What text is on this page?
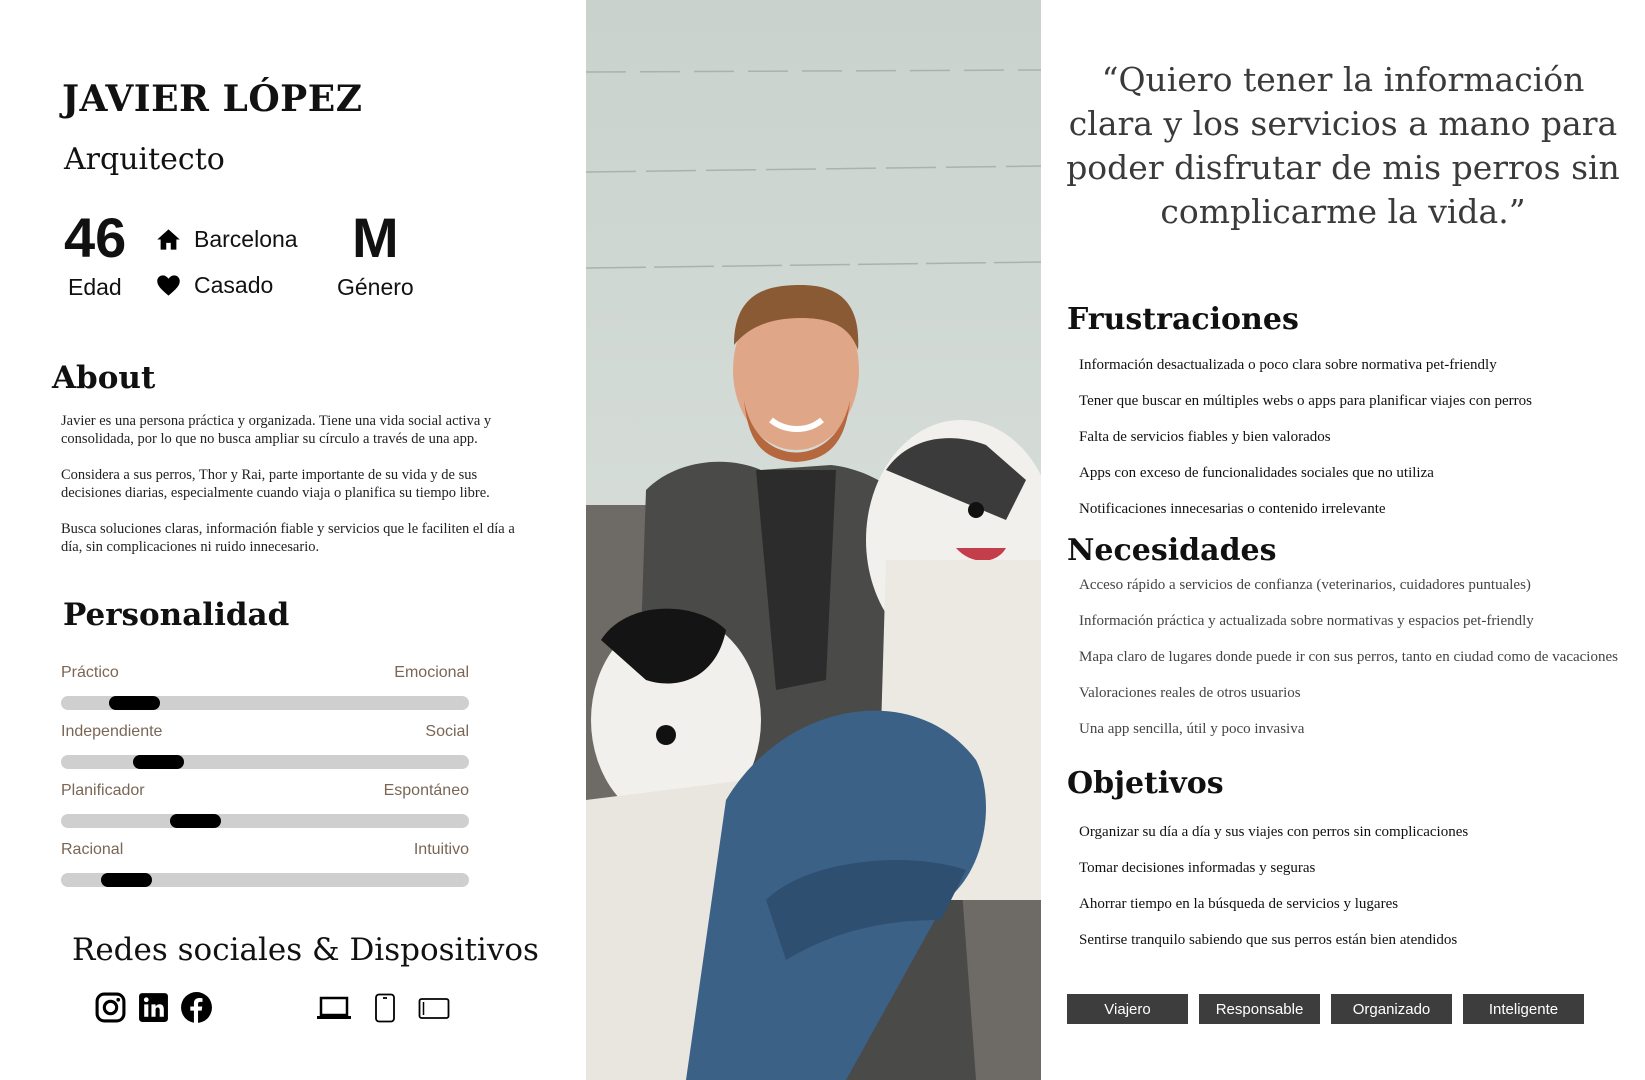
JAVIER LÓPEZ
Arquitecto
46
Edad
Barcelona
Casado
M
Género
About

Javier es una persona práctica y organizada. Tiene una vida social activa y consolidada, por lo que no busca ampliar su círculo a través de una app.

Considera a sus perros, Thor y Rai, parte importante de su vida y de sus decisiones diarias, especialmente cuando viaja o planifica su tiempo libre.

Busca soluciones claras, información fiable y servicios que le faciliten el día a día, sin complicaciones ni ruido innecesario.

Personalidad
Práctico	Emocional
Independiente	Social
Planificador	Espontáneo
Racional	Intuitivo
Redes sociales & Dispositivos
“Quiero tener la información clara y los servicios a mano para poder disfrutar de mis perros sin complicarme la vida.”
Frustraciones
Información desactualizada o poco clara sobre normativa pet-friendly
Tener que buscar en múltiples webs o apps para planificar viajes con perros
Falta de servicios fiables y bien valorados
Apps con exceso de funcionalidades sociales que no utiliza
Notificaciones innecesarias o contenido irrelevante
Necesidades
Acceso rápido a servicios de confianza (veterinarios, cuidadores puntuales)
Información práctica y actualizada sobre normativas y espacios pet-friendly
Mapa claro de lugares donde puede ir con sus perros, tanto en ciudad como de vacaciones
Valoraciones reales de otros usuarios
Una app sencilla, útil y poco invasiva
Objetivos
Organizar su día a día y sus viajes con perros sin complicaciones
Tomar decisiones informadas y seguras
Ahorrar tiempo en la búsqueda de servicios y lugares
Sentirse tranquilo sabiendo que sus perros están bien atendidos
Viajero	Responsable	Organizado	Inteligente
